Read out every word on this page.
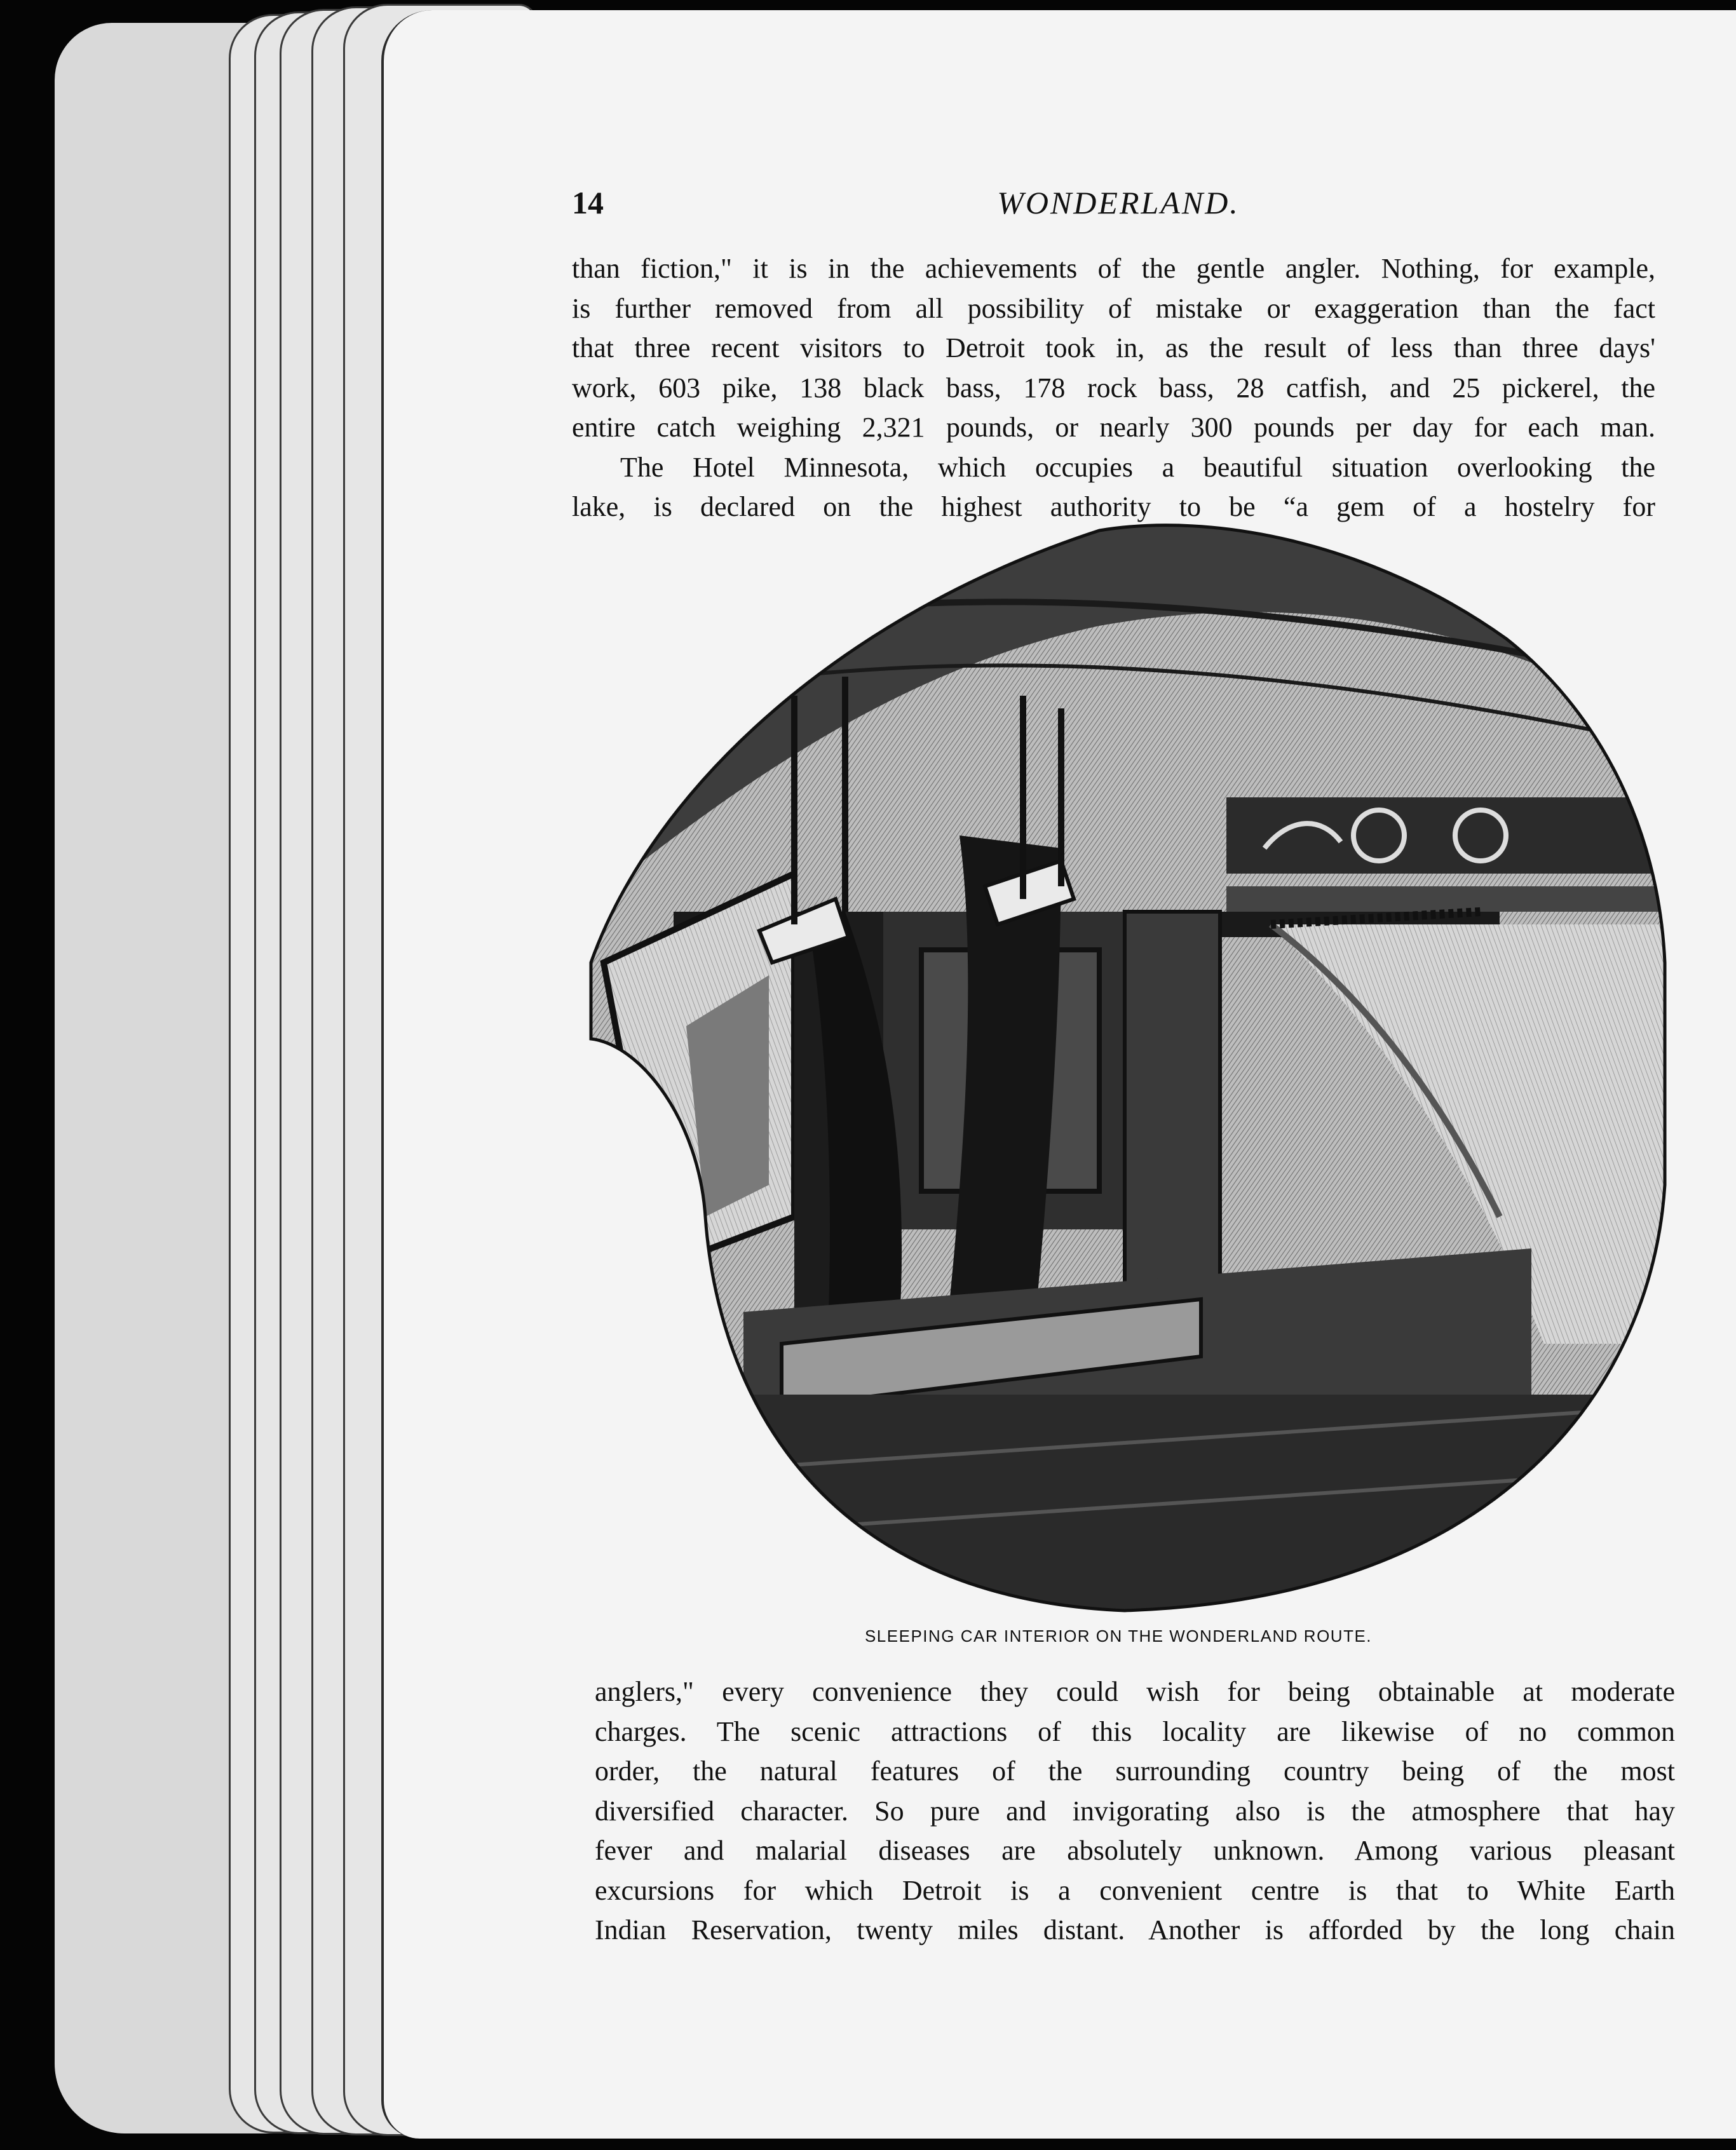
14	WONDERLAND.
than fiction," it is in the achievements of the gentle angler. Nothing, for example,
is further removed from all possibility of mistake or exaggeration than the fact
that three recent visitors to Detroit took in, as the result of less than three days'
work, 603 pike, 138 black bass, 178 rock bass, 28 catfish, and 25 pickerel, the
entire catch weighing 2,321 pounds, or nearly 300 pounds per day for each man.
The Hotel Minnesota, which occupies a beautiful situation overlooking the
lake, is declared on the highest authority to be “a gem of a hostelry for
SLEEPING CAR INTERIOR ON THE WONDERLAND ROUTE.
anglers," every convenience they could wish for being obtainable at moderate
charges. The scenic attractions of this locality are likewise of no common
order, the natural features of the surrounding country being of the most
diversified character. So pure and invigorating also is the atmosphere that hay
fever and malarial diseases are absolutely unknown. Among various pleasant
excursions for which Detroit is a convenient centre is that to White Earth
Indian Reservation, twenty miles distant. Another is afforded by the long chain
